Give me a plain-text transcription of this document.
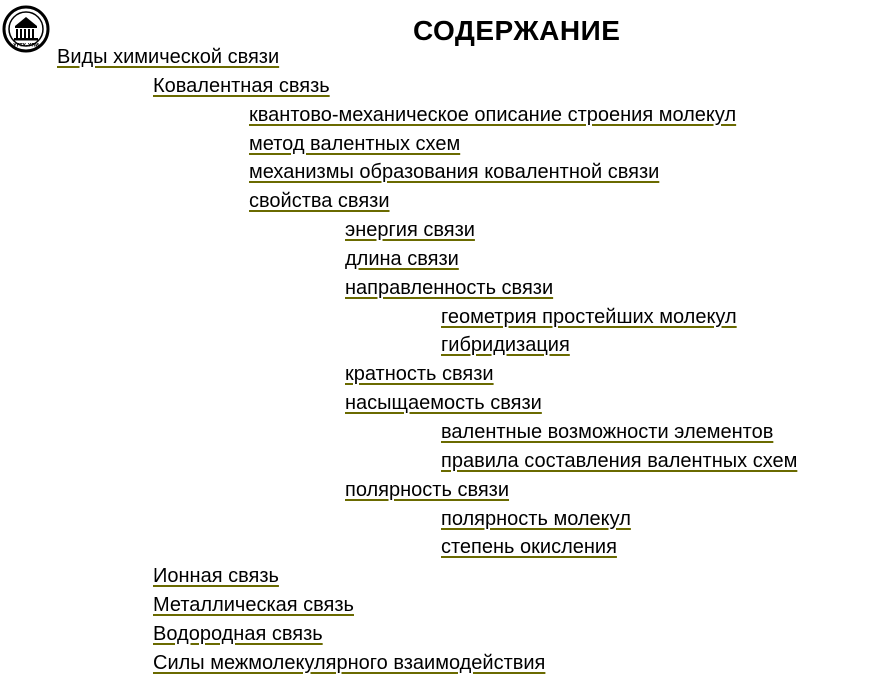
УГТУ-УПИ	СОДЕРЖАНИЕ
Виды химической связи
Ковалентная связь
квантово-механическое описание строения молекул
метод валентных схем
механизмы образования ковалентной связи
свойства связи
энергия связи
длина связи
направленность связи
геометрия простейших молекул
гибридизация
кратность связи
насыщаемость связи
валентные возможности элементов
правила составления валентных схем
полярность связи
полярность молекул
степень окисления
Ионная связь
Металлическая связь
Водородная связь
Силы межмолекулярного взаимодействия
